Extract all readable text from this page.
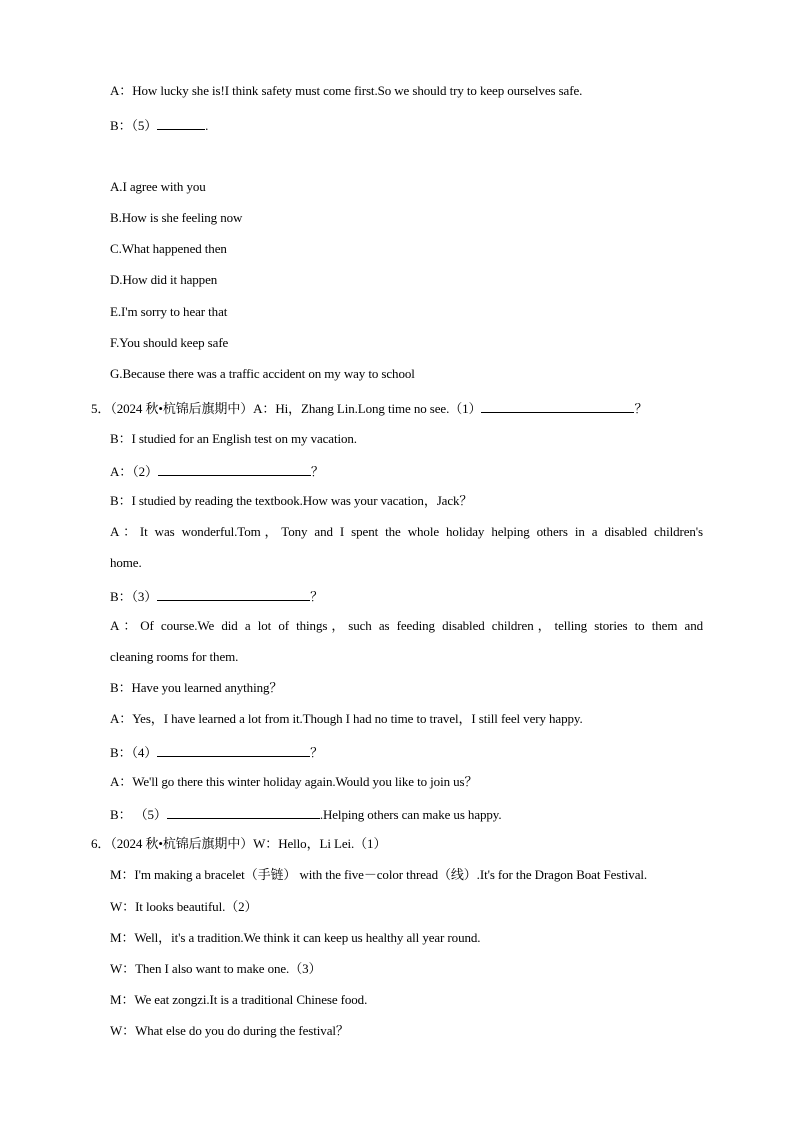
A：How lucky she is!I think safety must come first.So we should try to keep ourselves safe.
B：（5）	.
A.I agree with you
B.How is she feeling now
C.What happened then
D.How did it happen
E.I'm sorry to hear that
F.You should keep safe
G.Because there was a traffic accident on my way to school
5．（2024 秋•杭锦后旗期中）A：Hi，Zhang Lin.Long time no see.（1）	？
B：I studied for an English test on my vacation.
A：（2）	？
B：I studied by reading the textbook.How was your vacation，Jack？
A：It was wonderful.Tom，Tony and I spent the whole holiday helping others in a disabled children's
home.
B：（3）	？
A：Of course.We did a lot of things，such as feeding disabled children，telling stories to them and
cleaning rooms for them.
B：Have you learned anything？
A：Yes，I have learned a lot from it.Though I had no time to travel，I still feel very happy.
B：（4）	？
A：We'll go there this winter holiday again.Would you like to join us？
B： （5）	.Helping others can make us happy.
6．（2024 秋•杭锦后旗期中）W：Hello，Li Lei.（1）
M：I'm making a bracelet（手链） with the five－color thread（线）.It's for the Dragon Boat Festival.
W：It looks beautiful.（2）
M：Well，it's a tradition.We think it can keep us healthy all year round.
W：Then I also want to make one.（3）
M：We eat zongzi.It is a traditional Chinese food.
W：What else do you do during the festival？
